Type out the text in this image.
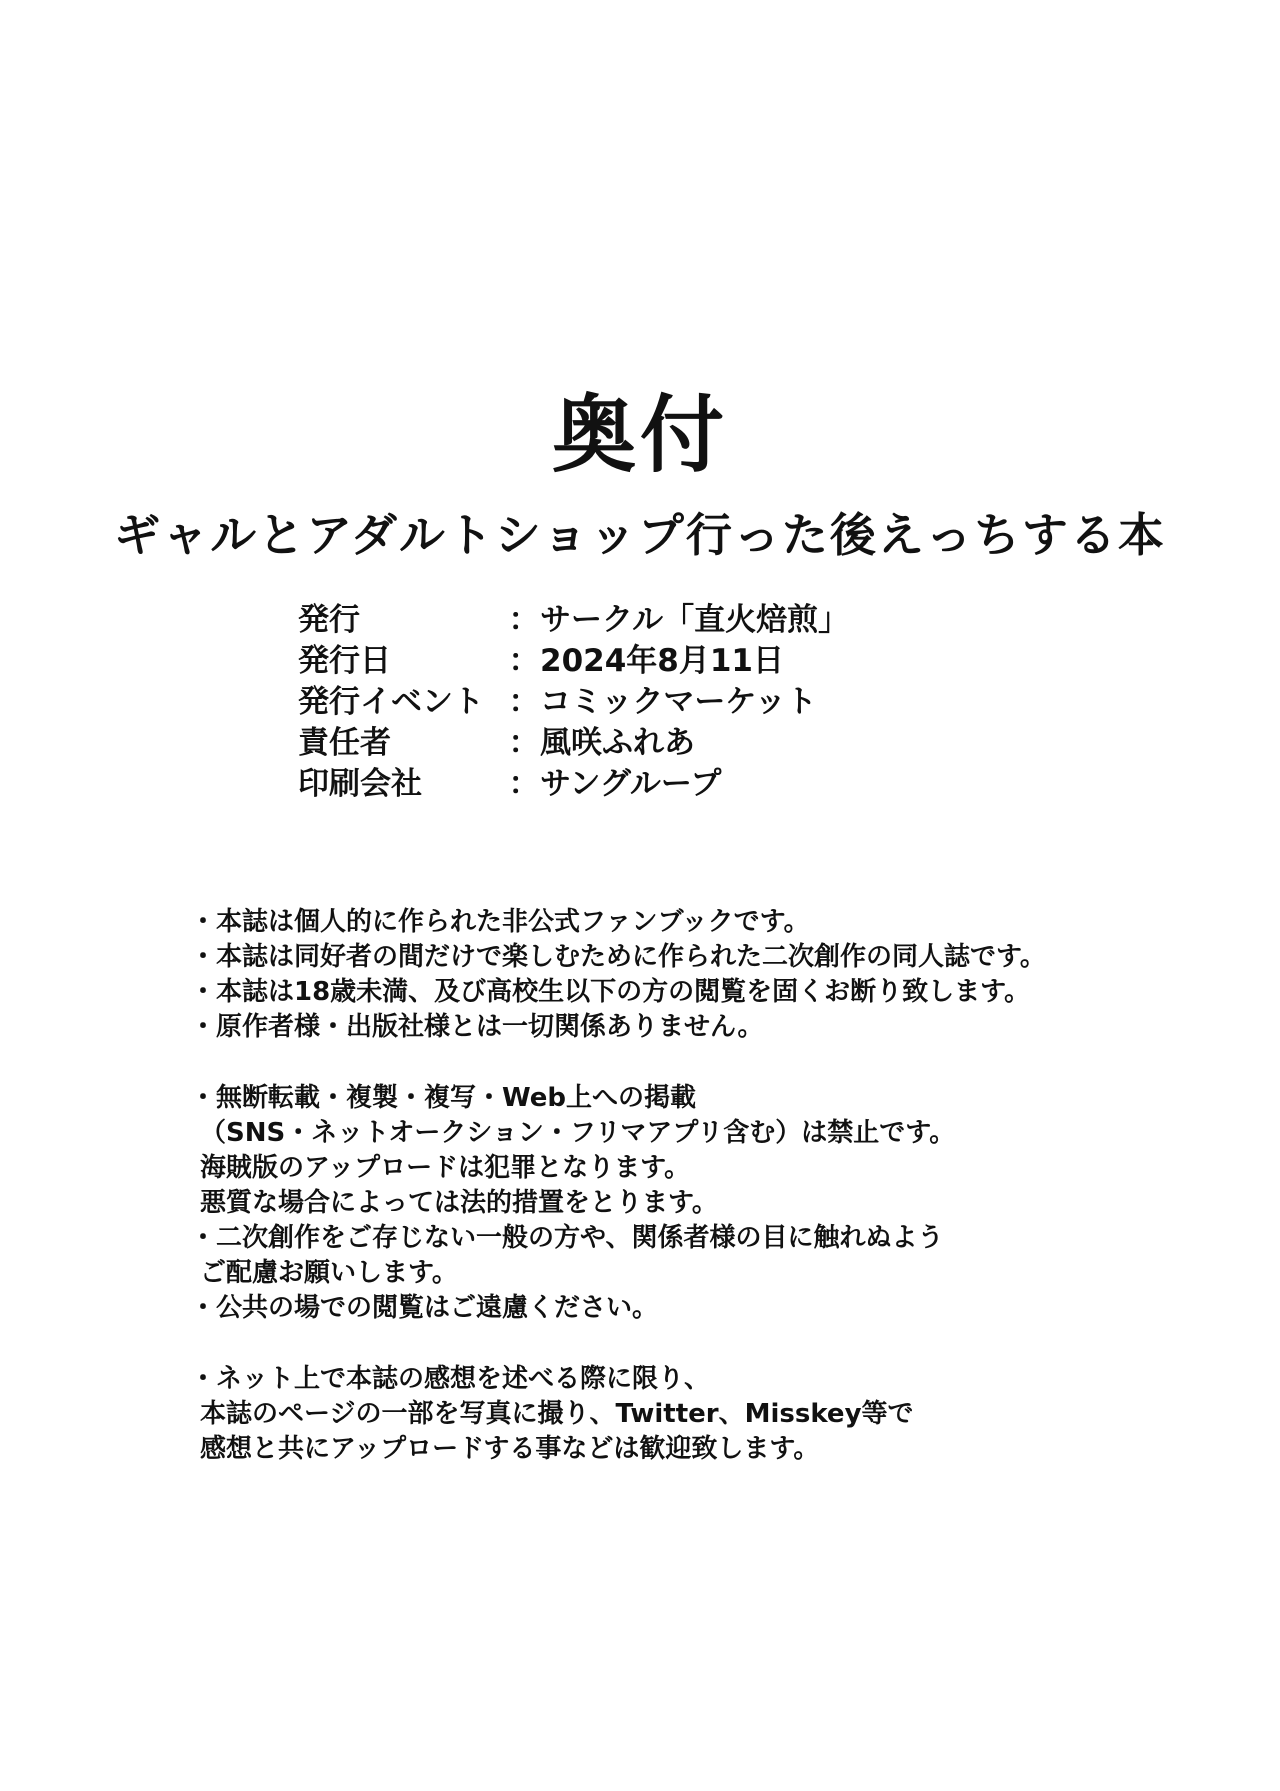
奥付
ギャルとアダルトショップ行った後えっちする本
発行	： サークル「直火焙煎」
発行日	： 2024年8月11日
発行イベント ： コミックマーケット
責任者	： 風咲ふれあ
印刷会社	： サングループ
・本誌は個人的に作られた非公式ファンブックです。
・本誌は同好者の間だけで楽しむために作られた二次創作の同人誌です。
・本誌は18歳未満、及び高校生以下の方の閲覧を固くお断り致します。
・原作者様・出版社様とは一切関係ありません。
・無断転載・複製・複写・Web上への掲載
（SNS・ネットオークション・フリマアプリ含む）は禁止です。
海賊版のアップロードは犯罪となります。
悪質な場合によっては法的措置をとります。
・二次創作をご存じない一般の方や、関係者様の目に触れぬよう
ご配慮お願いします。
・公共の場での閲覧はご遠慮ください。
・ネット上で本誌の感想を述べる際に限り、
本誌のページの一部を写真に撮り、Twitter、Misskey等で
感想と共にアップロードする事などは歓迎致します。
